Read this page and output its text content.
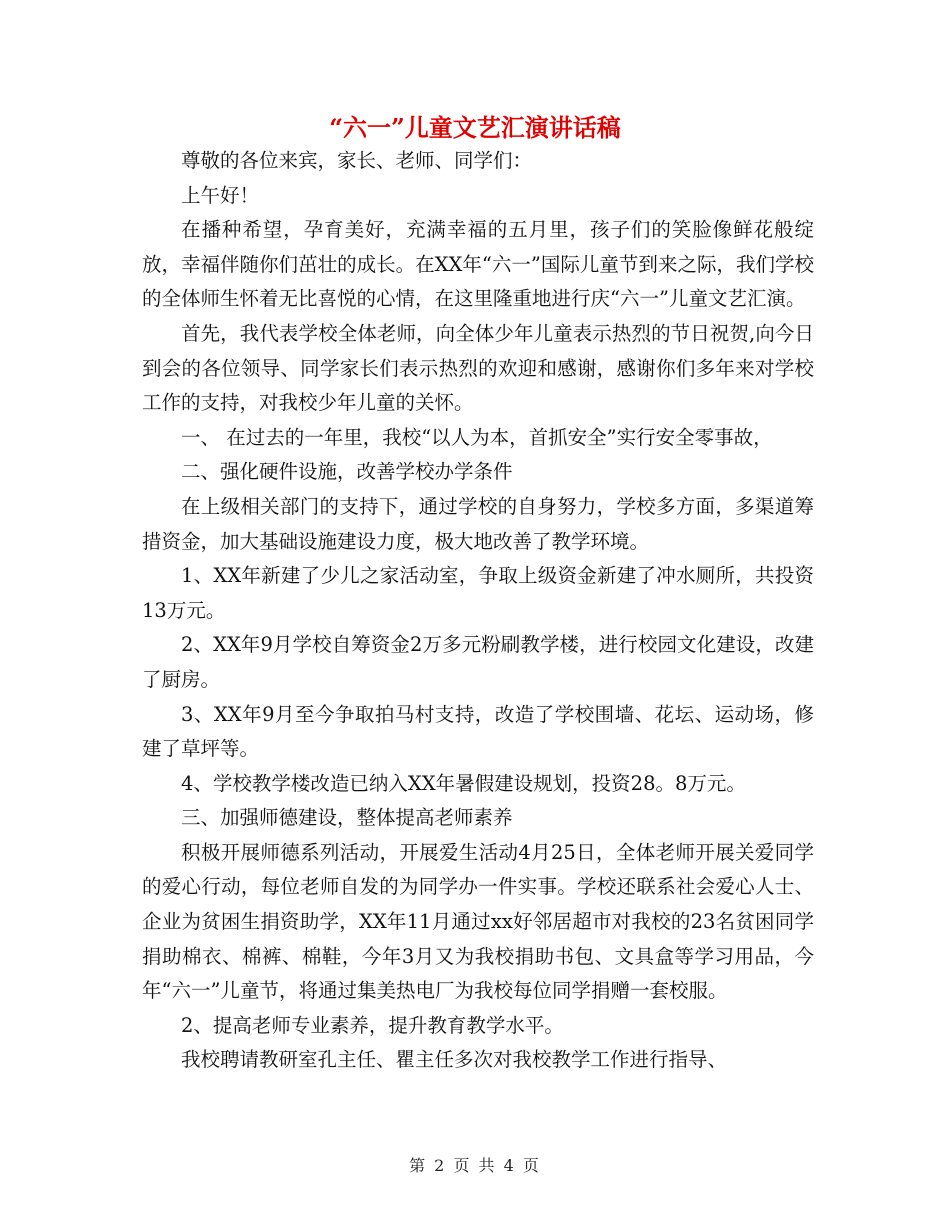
“六一”儿童文艺汇演讲话稿

尊敬的各位来宾，家长、老师、同学们：

上午好！

在播种希望，孕育美好，充满幸福的五月里，孩子们的笑脸像鲜花般绽放，幸福伴随你们茁壮的成长。在XX年“六一”国际儿童节到来之际，我们学校的全体师生怀着无比喜悦的心情，在这里隆重地进行庆“六一”儿童文艺汇演。

首先，我代表学校全体老师，向全体少年儿童表示热烈的节日祝贺,向今日到会的各位领导、同学家长们表示热烈的欢迎和感谢，感谢你们多年来对学校工作的支持，对我校少年儿童的关怀。

一、 在过去的一年里，我校“以人为本，首抓安全”实行安全零事故，

二、强化硬件设施，改善学校办学条件

在上级相关部门的支持下，通过学校的自身努力，学校多方面，多渠道筹措资金，加大基础设施建设力度，极大地改善了教学环境。

1、XX年新建了少儿之家活动室，争取上级资金新建了冲水厕所，共投资13万元。

2、XX年9月学校自筹资金2万多元粉刷教学楼，进行校园文化建设，改建了厨房。

3、XX年9月至今争取拍马村支持，改造了学校围墙、花坛、运动场，修建了草坪等。

4、学校教学楼改造已纳入XX年暑假建设规划，投资28。8万元。

三、加强师德建设，整体提高老师素养

积极开展师德系列活动，开展爱生活动4月25日，全体老师开展关爱同学的爱心行动，每位老师自发的为同学办一件实事。学校还联系社会爱心人士、企业为贫困生捐资助学，XX年11月通过xx好邻居超市对我校的23名贫困同学捐助棉衣、棉裤、棉鞋，今年3月又为我校捐助书包、文具盒等学习用品，今年“六一”儿童节，将通过集美热电厂为我校每位同学捐赠一套校服。

2、提高老师专业素养，提升教育教学水平。

我校聘请教研室孔主任、瞿主任多次对我校教学工作进行指导、

第 2 页 共 4 页
